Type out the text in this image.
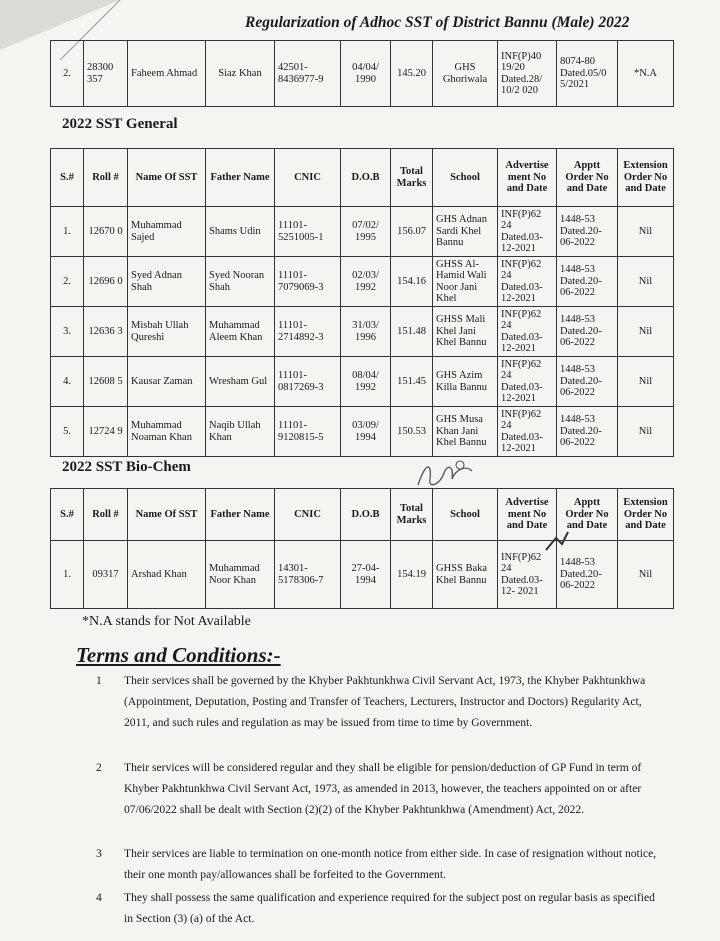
Regularization of Adhoc SST of District Bannu (Male) 2022
2.	28300 357	Faheem Ahmad	Siaz Khan	42501-8436977-9	04/04/ 1990	145.20	GHS Ghoriwala	INF(P)40 19/20 Dated.28/ 10/2 020	8074-80 Dated.05/0 5/2021	*N.A
2022 SST General
S.#	Roll #	Name Of SST	Father Name	CNIC	D.O.B	Total Marks	School	Advertise ment No and Date	Apptt Order No and Date	Extension Order No and Date
1.	12670 0	Muhammad Sajed	Shams Udin	11101-5251005-1	07/02/ 1995	156.07	GHS Adnan Sardi Khel Bannu	INF(P)62 24 Dated.03-12-2021	1448-53 Dated.20-06-2022	Nil
2.	12696 0	Syed Adnan Shah	Syed Nooran Shah	11101-7079069-3	02/03/ 1992	154.16	GHSS Al-Hamid Wali Noor Jani Khel	INF(P)62 24 Dated.03-12-2021	1448-53 Dated.20-06-2022	Nil
3.	12636 3	Misbah Ullah Qureshi	Muhammad Aleem Khan	11101-2714892-3	31/03/ 1996	151.48	GHSS Mali Khel Jani Khel Bannu	INF(P)62 24 Dated.03-12-2021	1448-53 Dated.20-06-2022	Nil
4.	12608 5	Kausar Zaman	Wresham Gul	11101-0817269-3	08/04/ 1992	151.45	GHS Azim Killa Bannu	INF(P)62 24 Dated.03-12-2021	1448-53 Dated.20-06-2022	Nil
5.	12724 9	Muhammad Noaman Khan	Naqib Ullah Khan	11101-9120815-5	03/09/ 1994	150.53	GHS Musa Khan Jani Khel Bannu	INF(P)62 24 Dated.03-12-2021	1448-53 Dated.20-06-2022	Nil
2022 SST Bio-Chem
S.#	Roll #	Name Of SST	Father Name	CNIC	D.O.B	Total Marks	School	Advertise ment No and Date	Apptt Order No and Date	Extension Order No and Date
1.	09317	Arshad Khan	Muhammad Noor Khan	14301-5178306-7	27-04-1994	154.19	GHSS Baka Khel Bannu	INF(P)62 24 Dated.03-12- 2021	1448-53 Dated.20-06-2022	Nil
*N.A stands for Not Available
Terms and Conditions:-
1	Their services shall be governed by the Khyber Pakhtunkhwa Civil Servant Act, 1973, the Khyber Pakhtunkhwa (Appointment, Deputation, Posting and Transfer of Teachers, Lecturers, Instructor and Doctors) Regularity Act, 2011, and such rules and regulation as may be issued from time to time by Government.
2	Their services will be considered regular and they shall be eligible for pension/deduction of GP Fund in term of Khyber Pakhtunkhwa Civil Servant Act, 1973, as amended in 2013, however, the teachers appointed on or after 07/06/2022 shall be dealt with Section (2)(2) of the Khyber Pakhtunkhwa (Amendment) Act, 2022.
3	Their services are liable to termination on one-month notice from either side. In case of resignation without notice, their one month pay/allowances shall be forfeited to the Government.
4	They shall possess the same qualification and experience required for the subject post on regular basis as specified in Section (3) (a) of the Act.
